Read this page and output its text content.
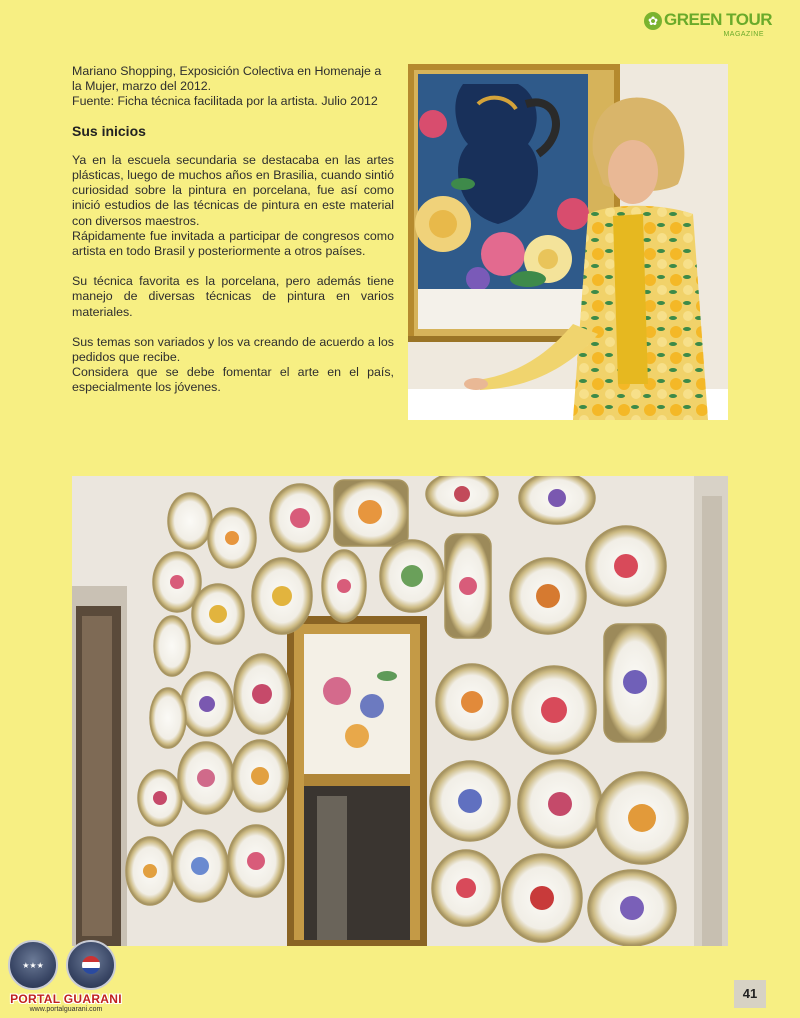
✿ GREEN TOUR
MAGAZINE

Mariano Shopping, Exposición Colectiva en Homenaje a

la Mujer, marzo del 2012.

Fuente: Ficha técnica facilitada por la artista. Julio 2012

Sus inicios

Ya en la escuela secundaria se destacaba en las artes plásticas, luego de muchos años en Brasilia, cuando sintió curiosidad sobre la pintura en porcelana, fue así como inició estudios de las técnicas de pintura en este material con diversos maestros.

Rápidamente fue invitada a participar de congresos como artista en todo Brasil y posteriormente a otros países.

Su técnica favorita es la porcelana, pero además tiene manejo de diversas técnicas de pintura en varios materiales.

Sus temas son variados y los va creando de acuerdo a los pedidos que recibe.

Considera que se debe fomentar el arte en el país, especialmente los jóvenes.

★★★
PORTAL GUARANI
www.portalguarani.com
41
